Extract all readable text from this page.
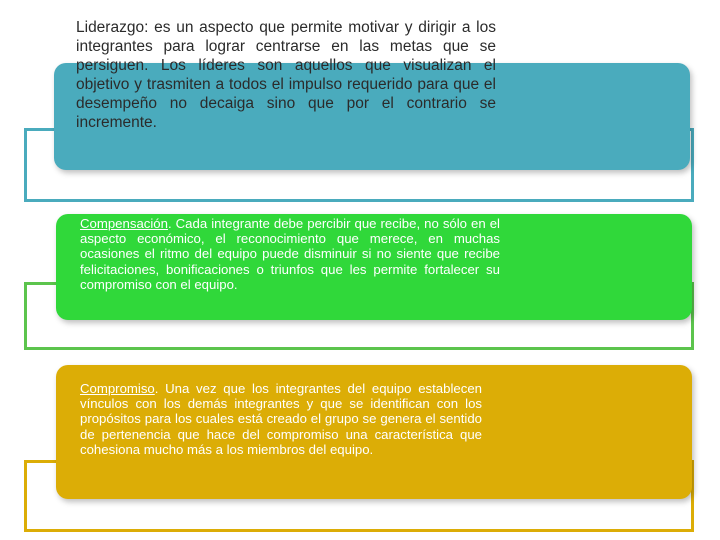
Liderazgo: es un aspecto que permite motivar y dirigir a los integrantes para lograr centrarse en las metas que se persiguen. Los líderes son aquellos que visualizan el objetivo y trasmiten a todos el impulso requerido para que el desempeño no decaiga sino que por el contrario se incremente.
Compensación. Cada integrante debe percibir que recibe, no sólo en el aspecto económico, el reconocimiento que merece, en muchas ocasiones el ritmo del equipo puede disminuir si no siente que recibe felicitaciones, bonificaciones o triunfos que les permite fortalecer su compromiso con el equipo.
Compromiso. Una vez que los integrantes del equipo establecen vínculos con los demás integrantes y que se identifican con los propósitos para los cuales está creado el grupo se genera el sentido de pertenencia que hace del compromiso una característica que cohesiona mucho más a los miembros del equipo.
